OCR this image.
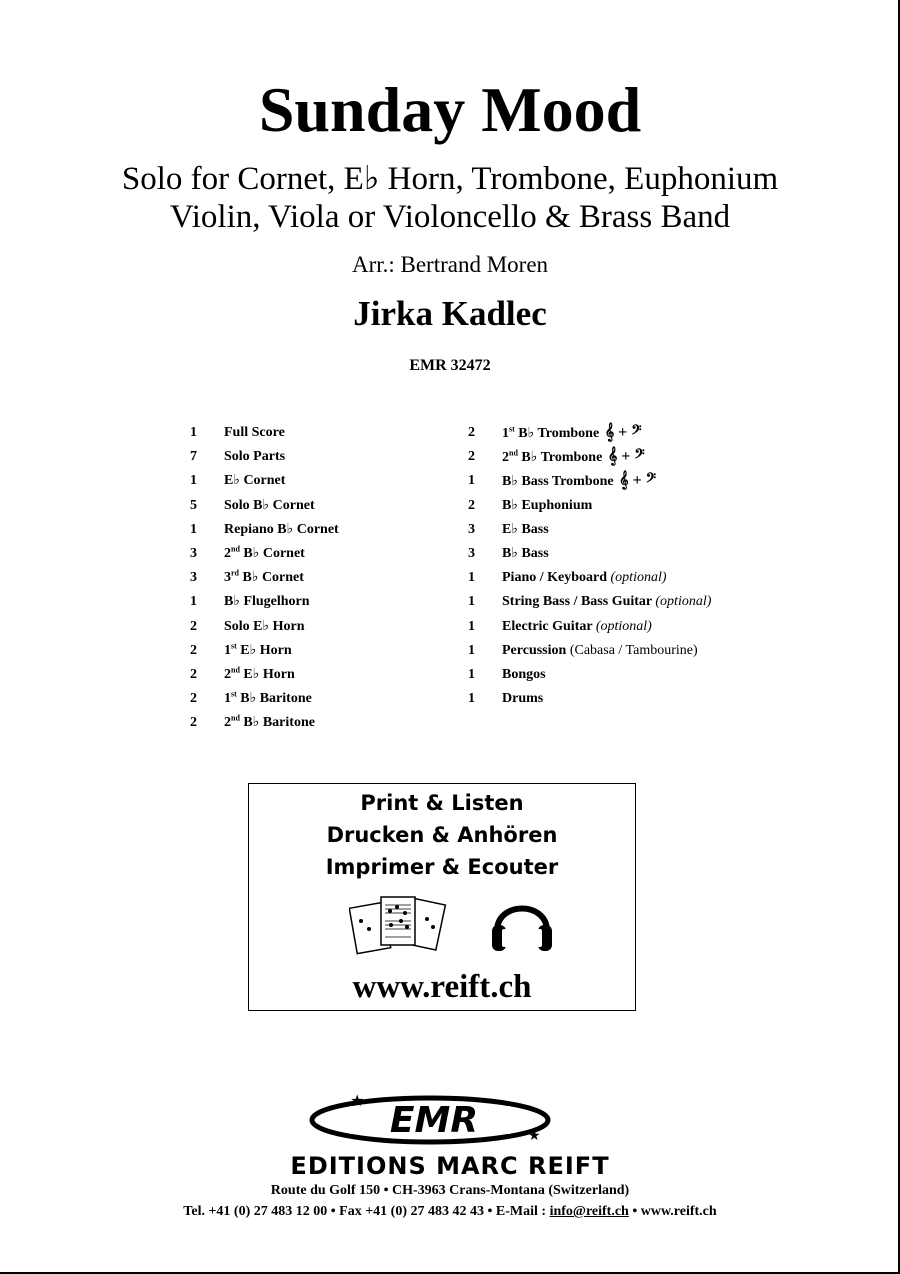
Sunday Mood
Solo for Cornet, E♭ Horn, Trombone, Euphonium
Violin, Viola or Violoncello & Brass Band
Arr.: Bertrand Moren
Jirka Kadlec
EMR 32472
1	Full Score
7	Solo Parts
1	E♭ Cornet
5	Solo B♭ Cornet
1	Repiano B♭ Cornet
3	2nd B♭ Cornet
3	3rd B♭ Cornet
1	B♭ Flugelhorn
2	Solo E♭ Horn
2	1st E♭ Horn
2	2nd E♭ Horn
2	1st B♭ Baritone
2	2nd B♭ Baritone
2	1st B♭ Trombone 𝄞 + 𝄢
2	2nd B♭ Trombone 𝄞 + 𝄢
1	B♭ Bass Trombone 𝄞 + 𝄢
2	B♭ Euphonium
3	E♭ Bass
3	B♭ Bass
1	Piano / Keyboard (optional)
1	String Bass / Bass Guitar (optional)
1	Electric Guitar (optional)
1	Percussion (Cabasa / Tambourine)
1	Bongos
1	Drums
Print & Listen
Drucken & Anhören
Imprimer & Ecouter
www.reift.ch
EMR
★
★
EDITIONS MARC REIFT
Route du Golf 150 • CH-3963 Crans-Montana (Switzerland)
Tel. +41 (0) 27 483 12 00 • Fax +41 (0) 27 483 42 43 • E-Mail : info@reift.ch • www.reift.ch
